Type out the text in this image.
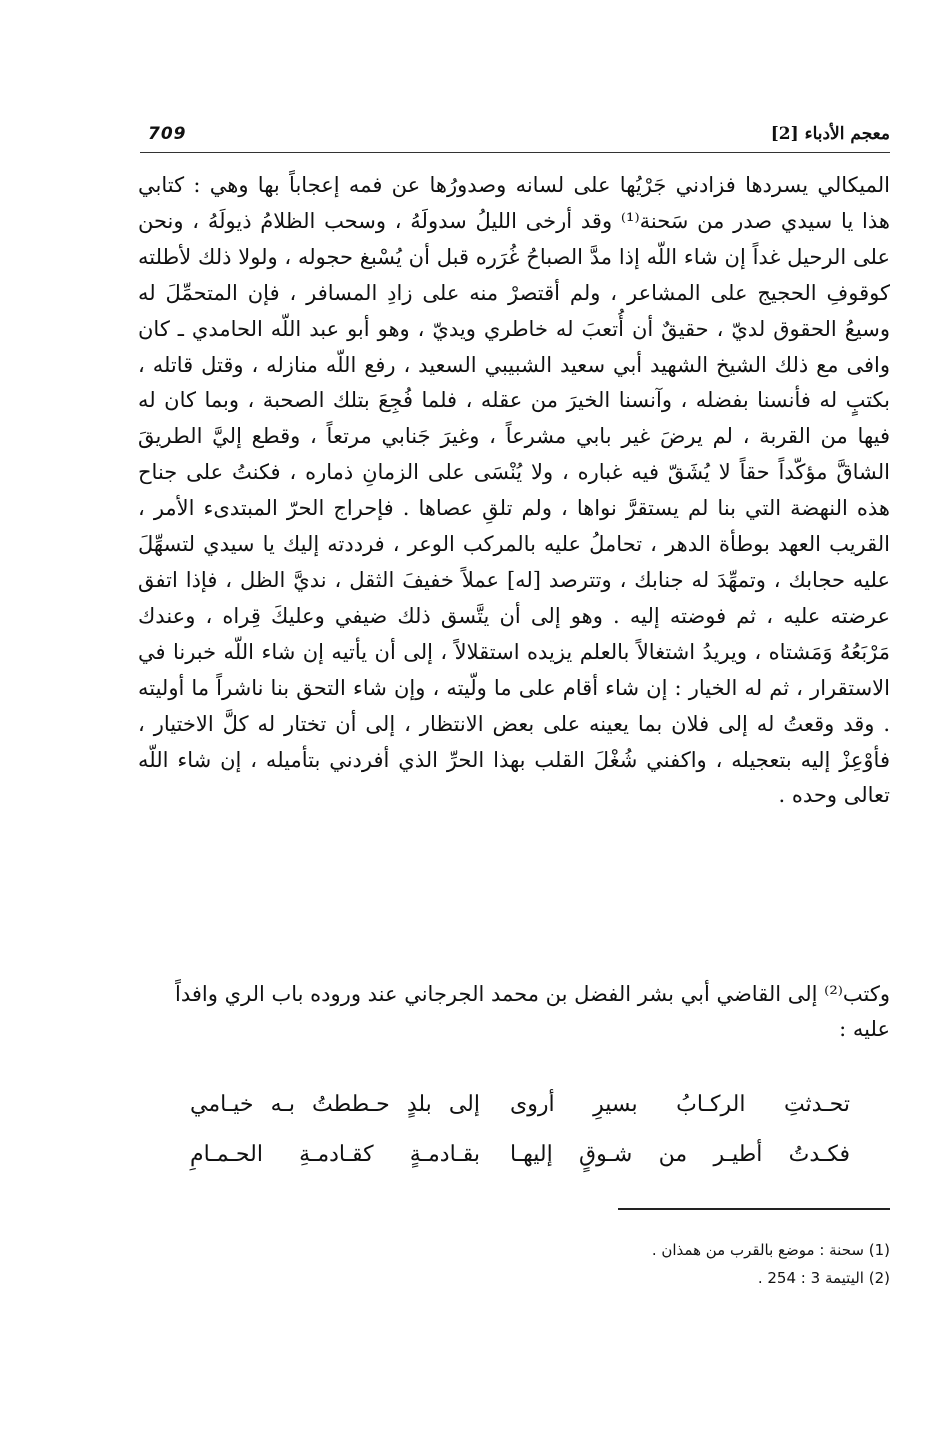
709	معجم الأدباء [2]

الميكالي يسردها فزادني جَرْيُها على لسانه وصدورُها عن فمه إعجاباً بها وهي : كتابي هذا يا سيدي صدر من سَحنة⁽¹⁾ وقد أرخى الليلُ سدولَهُ ، وسحب الظلامُ ذيولَهُ ، ونحن على الرحيل غداً إن شاء اللّه إذا مدَّ الصباحُ غُرَره قبل أن يُسْبغ حجوله ، ولولا ذلك لأطلته كوقوفِ الحجيج على المشاعر ، ولم أقتصرْ منه على زادِ المسافر ، فإن المتحمِّلَ له وسيعُ الحقوق لديّ ، حقيقٌ أن أُتعبَ له خاطري ويديّ ، وهو أبو عبد اللّه الحامدي ـ كان وافى مع ذلك الشيخ الشهيد أبي سعيد الشبيبي السعيد ، رفع اللّه منازله ، وقتل قاتله ، بكتبٍ له فأنسنا بفضله ، وآنسنا الخيرَ من عقله ، فلما فُجِعَ بتلك الصحبة ، وبما كان له فيها من القربة ، لم يرضَ غير بابي مشرعاً ، وغيرَ جَنابي مرتعاً ، وقطع إليَّ الطريقَ الشاقَّ مؤكّداً حقاً لا يُشَقّ فيه غباره ، ولا يُنْسَى على الزمانِ ذماره ، فكنتُ على جناح هذه النهضة التي بنا لم يستقرَّ نواها ، ولم تلقِ عصاها . فإحراج الحرّ المبتدىء الأمر ، القريب العهد بوطأة الدهر ، تحاملُ عليه بالمركب الوعر ، فرددته إليك يا سيدي لتسهِّلَ عليه حجابك ، وتمهِّدَ له جنابك ، وتترصد [له] عملاً خفيفَ الثقل ، نديَّ الظل ، فإذا اتفق عرضته عليه ، ثم فوضته إليه . وهو إلى أن يتَّسق ذلك ضيفي وعليكَ قِراه ، وعندك مَرْبَعُهُ وَمَشتاه ، ويريدُ اشتغالاً بالعلم يزيده استقلالاً ، إلى أن يأتيه إن شاء اللّه خبرنا في الاستقرار ، ثم له الخيار : إن شاء أقام على ما ولّيته ، وإن شاء التحق بنا ناشراً ما أوليته . وقد وقعتُ له إلى فلان بما يعينه على بعض الانتظار ، إلى أن تختار له كلَّ الاختيار ، فأوْعِزْ إليه بتعجيله ، واكفني شُغْلَ القلب بهذا الحرِّ الذي أفردني بتأميله ، إن شاء اللّه تعالى وحده .

وكتب⁽²⁾ إلى القاضي أبي بشر الفضل بن محمد الجرجاني عند وروده باب الري وافداً عليه :

تحـدثتِ الركـابُ بسيرِ أروى
إلى بلدٍ حـططتُ بـه خيـامي
فكـدتُ أطيـر من شـوقٍ إليهـا
بقـادمـةٍ كقـادمـةِ الحـمـامِ

(1) سحنة : موضع بالقرب من همذان .

(2) اليتيمة 3 : 254 .
